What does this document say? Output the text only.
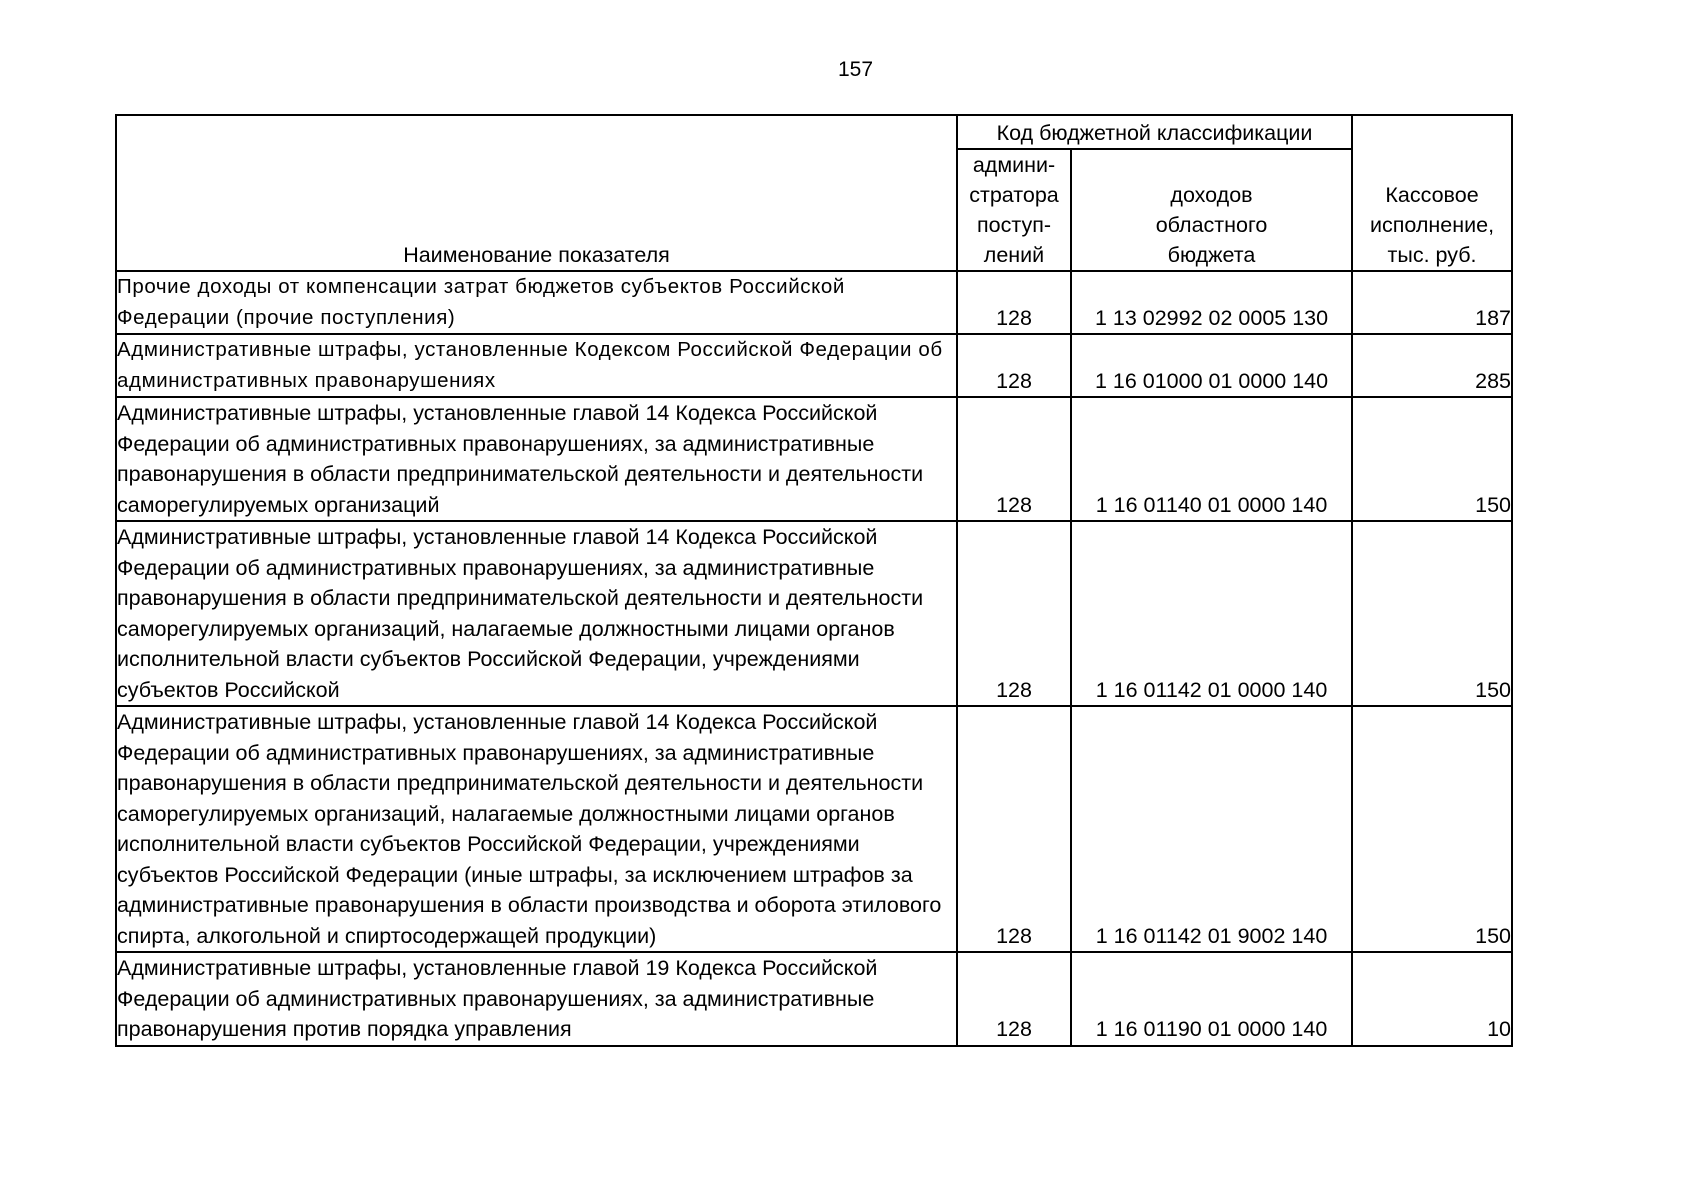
157
Наименование показателя	Код бюджетной классификации		Кассовое
исполнение,
тыс. руб.

	админи-
стратора
поступ-
лений	доходов
областного
бюджета	

Прочие доходы от компенсации затрат бюджетов субъектов Российской Федерации (прочие поступления)	128	1 13 02992 02 0005 130	187
Административные штрафы, установленные Кодексом Российской Федерации об административных правонарушениях	128	1 16 01000 01 0000 140	285
Административные штрафы, установленные главой 14 Кодекса Российской Федерации об административных правонарушениях, за административные правонарушения в области предпринимательской деятельности и деятельности саморегулируемых организаций	128	1 16 01140 01 0000 140	150
Административные штрафы, установленные главой 14 Кодекса Российской Федерации об административных правонарушениях, за административные правонарушения в области предпринимательской деятельности и деятельности саморегулируемых организаций, налагаемые должностными лицами органов исполнительной власти субъектов Российской Федерации, учреждениями субъектов Российской	128	1 16 01142 01 0000 140	150
Административные штрафы, установленные главой 14 Кодекса Российской Федерации об административных правонарушениях, за административные правонарушения в области предпринимательской деятельности и деятельности саморегулируемых организаций, налагаемые должностными лицами органов исполнительной власти субъектов Российской Федерации, учреждениями субъектов Российской Федерации (иные штрафы, за исключением штрафов за административные правонарушения в области производства и оборота этилового спирта, алкогольной и спиртосодержащей продукции)	128	1 16 01142 01 9002 140	150
Административные штрафы, установленные главой 19 Кодекса Российской Федерации об административных правонарушениях, за административные правонарушения против порядка управления	128	1 16 01190 01 0000 140	10
